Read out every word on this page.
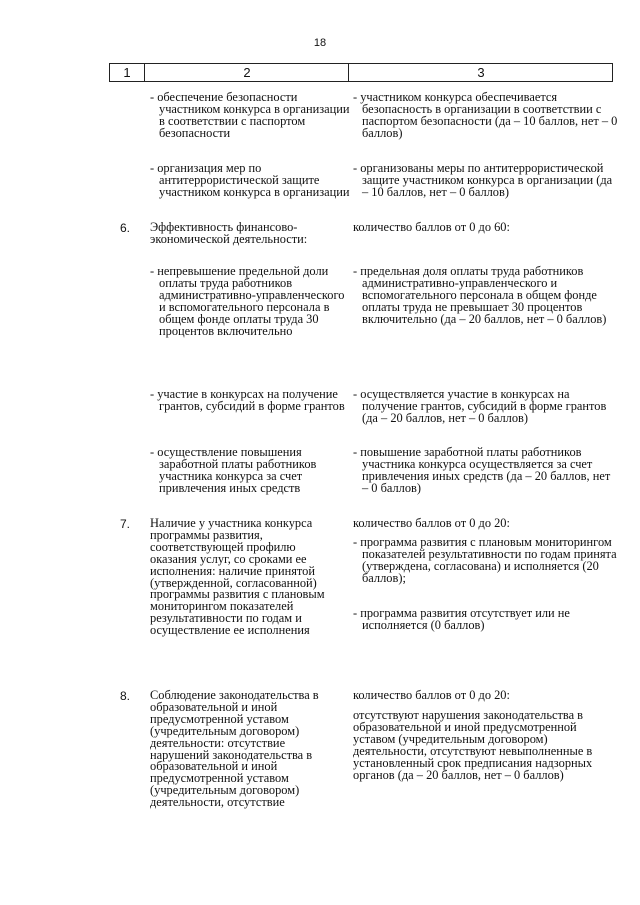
18
1	2	3

- обеспечение безопасности участником конкурса в организации в соответствии с паспортом безопасности

- участником конкурса обеспечивается безопасность в организации в соответствии с паспортом безопасности (да – 10 баллов, нет – 0 баллов)

- организация мер по антитеррористической защите участником конкурса в организации

- организованы меры по антитеррористической защите участником конкурса в организации (да – 10 баллов, нет – 0 баллов)

6. Эффективность финансово-экономической деятельности:

количество баллов от 0 до 60:

- непревышение предельной доли оплаты труда работников административно-управленческого и вспомогательного персонала в общем фонде оплаты труда 30 процентов включительно

- предельная доля оплаты труда работников административно-управленческого и вспомогательного персонала в общем фонде оплаты труда не превышает 30 процентов включительно (да – 20 баллов, нет – 0 баллов)

- участие в конкурсах на получение грантов, субсидий в форме грантов

- осуществляется участие в конкурсах на получение грантов, субсидий в форме грантов (да – 20 баллов, нет – 0 баллов)

- осуществление повышения заработной платы работников участника конкурса за счет привлечения иных средств

- повышение заработной платы работников участника конкурса осуществляется за счет привлечения иных средств (да – 20 баллов, нет – 0 баллов)

7. Наличие у участника конкурса программы развития, соответствующей профилю оказания услуг, со сроками ее исполнения: наличие принятой (утвержденной, согласованной) программы развития с плановым мониторингом показателей результативности по годам и осуществление ее исполнения

количество баллов от 0 до 20:

- программа развития с плановым мониторингом показателей результативности по годам принята (утверждена, согласована) и исполняется (20 баллов);

- программа развития отсутствует или не исполняется (0 баллов)

8. Соблюдение законодательства в образовательной и иной предусмотренной уставом (учредительным договором) деятельности: отсутствие нарушений законодательства в образовательной и иной предусмотренной уставом (учредительным договором) деятельности, отсутствие

количество баллов от 0 до 20:

отсутствуют нарушения законодательства в образовательной и иной предусмотренной уставом (учредительным договором) деятельности, отсутствуют невыполненные в установленный срок предписания надзорных органов (да – 20 баллов, нет – 0 баллов)
